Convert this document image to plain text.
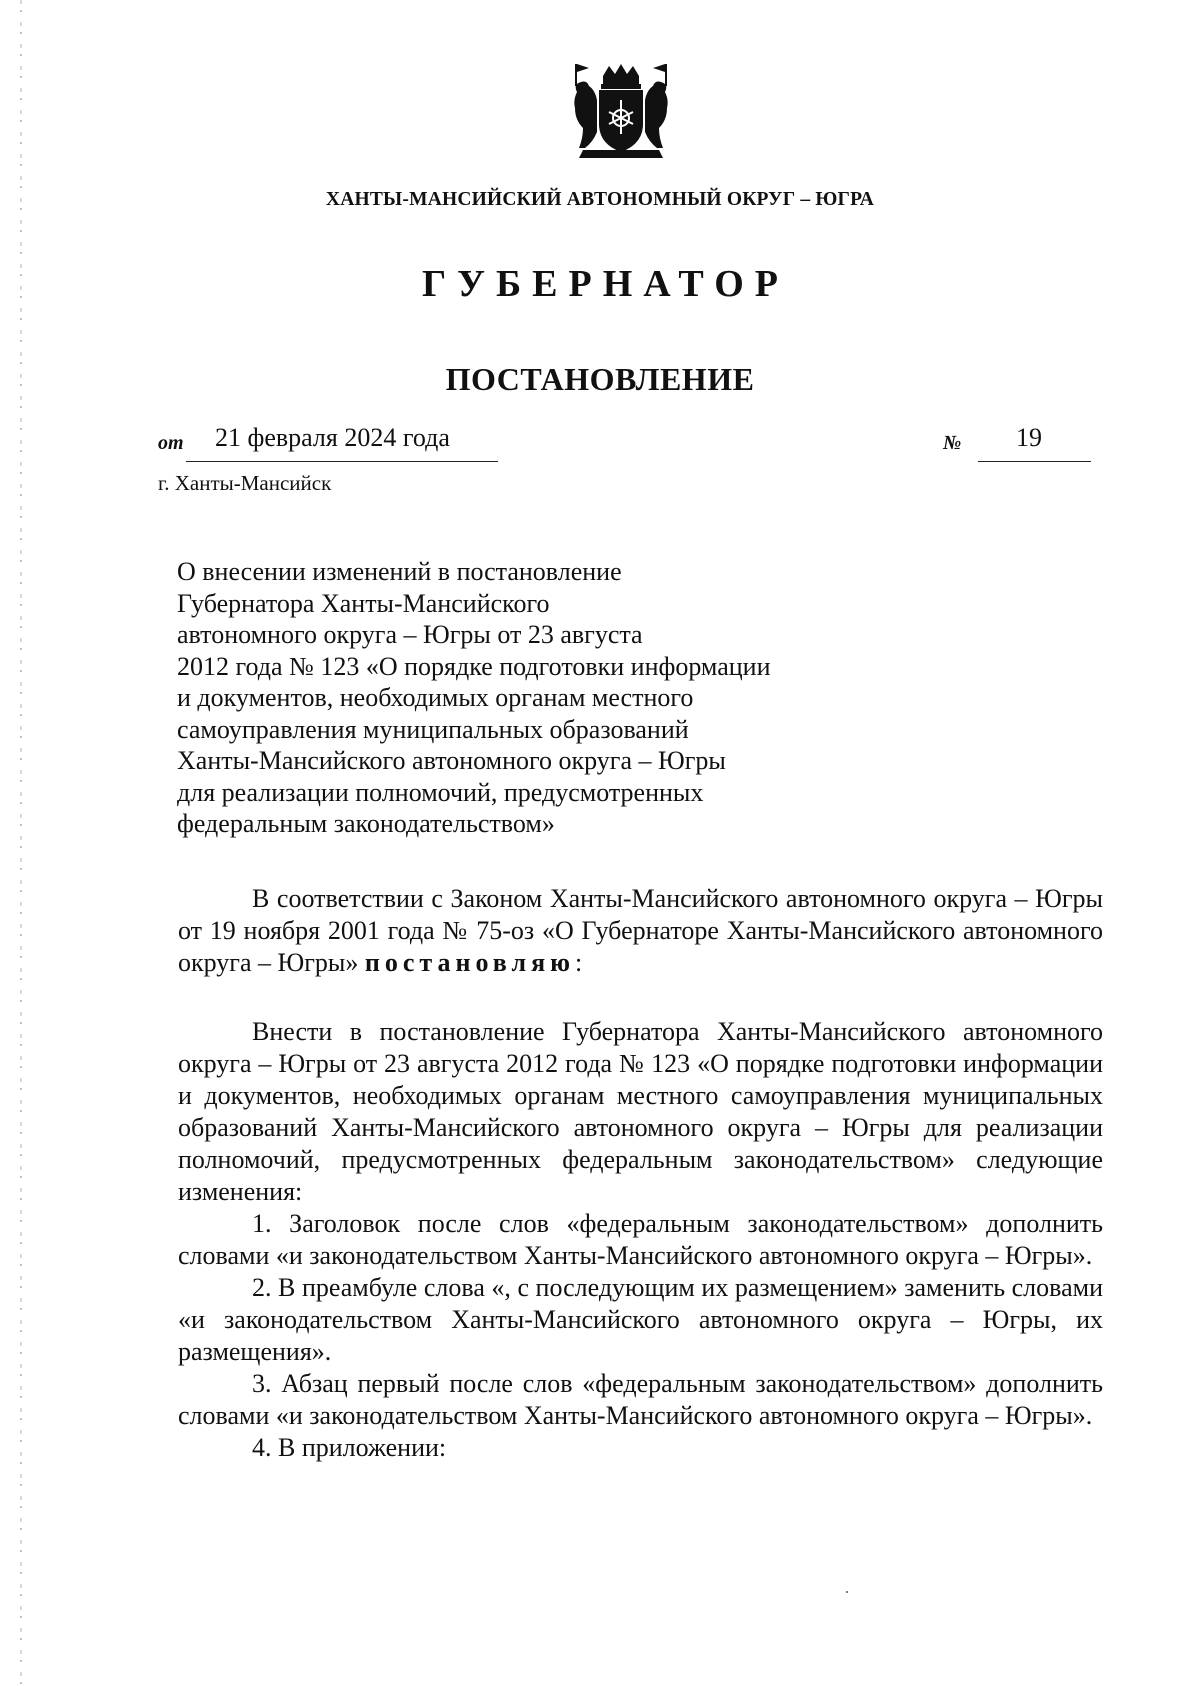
ХАНТЫ-МАНСИЙСКИЙ АВТОНОМНЫЙ ОКРУГ – ЮГРА
ГУБЕРНАТОР
ПОСТАНОВЛЕНИЕ
от 21 февраля 2024 года	№ 19
г. Ханты-Мансийск
О внесении изменений в постановление
Губернатора Ханты-Мансийского
автономного округа – Югры от 23 августа
2012 года № 123 «О порядке подготовки информации
и документов, необходимых органам местного
самоуправления муниципальных образований
Ханты-Мансийского автономного округа – Югры
для реализации полномочий, предусмотренных
федеральным законодательством»

В соответствии с Законом Ханты-Мансийского автономного округа – Югры от 19 ноября 2001 года № 75-оз «О Губернаторе Ханты-Мансийского автономного округа – Югры» постановляю:

Внести в постановление Губернатора Ханты-Мансийского автономного округа – Югры от 23 августа 2012 года № 123 «О порядке подготовки информации и документов, необходимых органам местного самоуправления муниципальных образований Ханты-Мансийского автономного округа – Югры для реализации полномочий, предусмотренных федеральным законодательством» следующие изменения:

1. Заголовок после слов «федеральным законодательством» дополнить словами «и законодательством Ханты-Мансийского автономного округа – Югры».

2. В преамбуле слова «, с последующим их размещением» заменить словами «и законодательством Ханты-Мансийского автономного округа – Югры, их размещения».

3. Абзац первый после слов «федеральным законодательством» дополнить словами «и законодательством Ханты-Мансийского автономного округа – Югры».

4. В приложении:
